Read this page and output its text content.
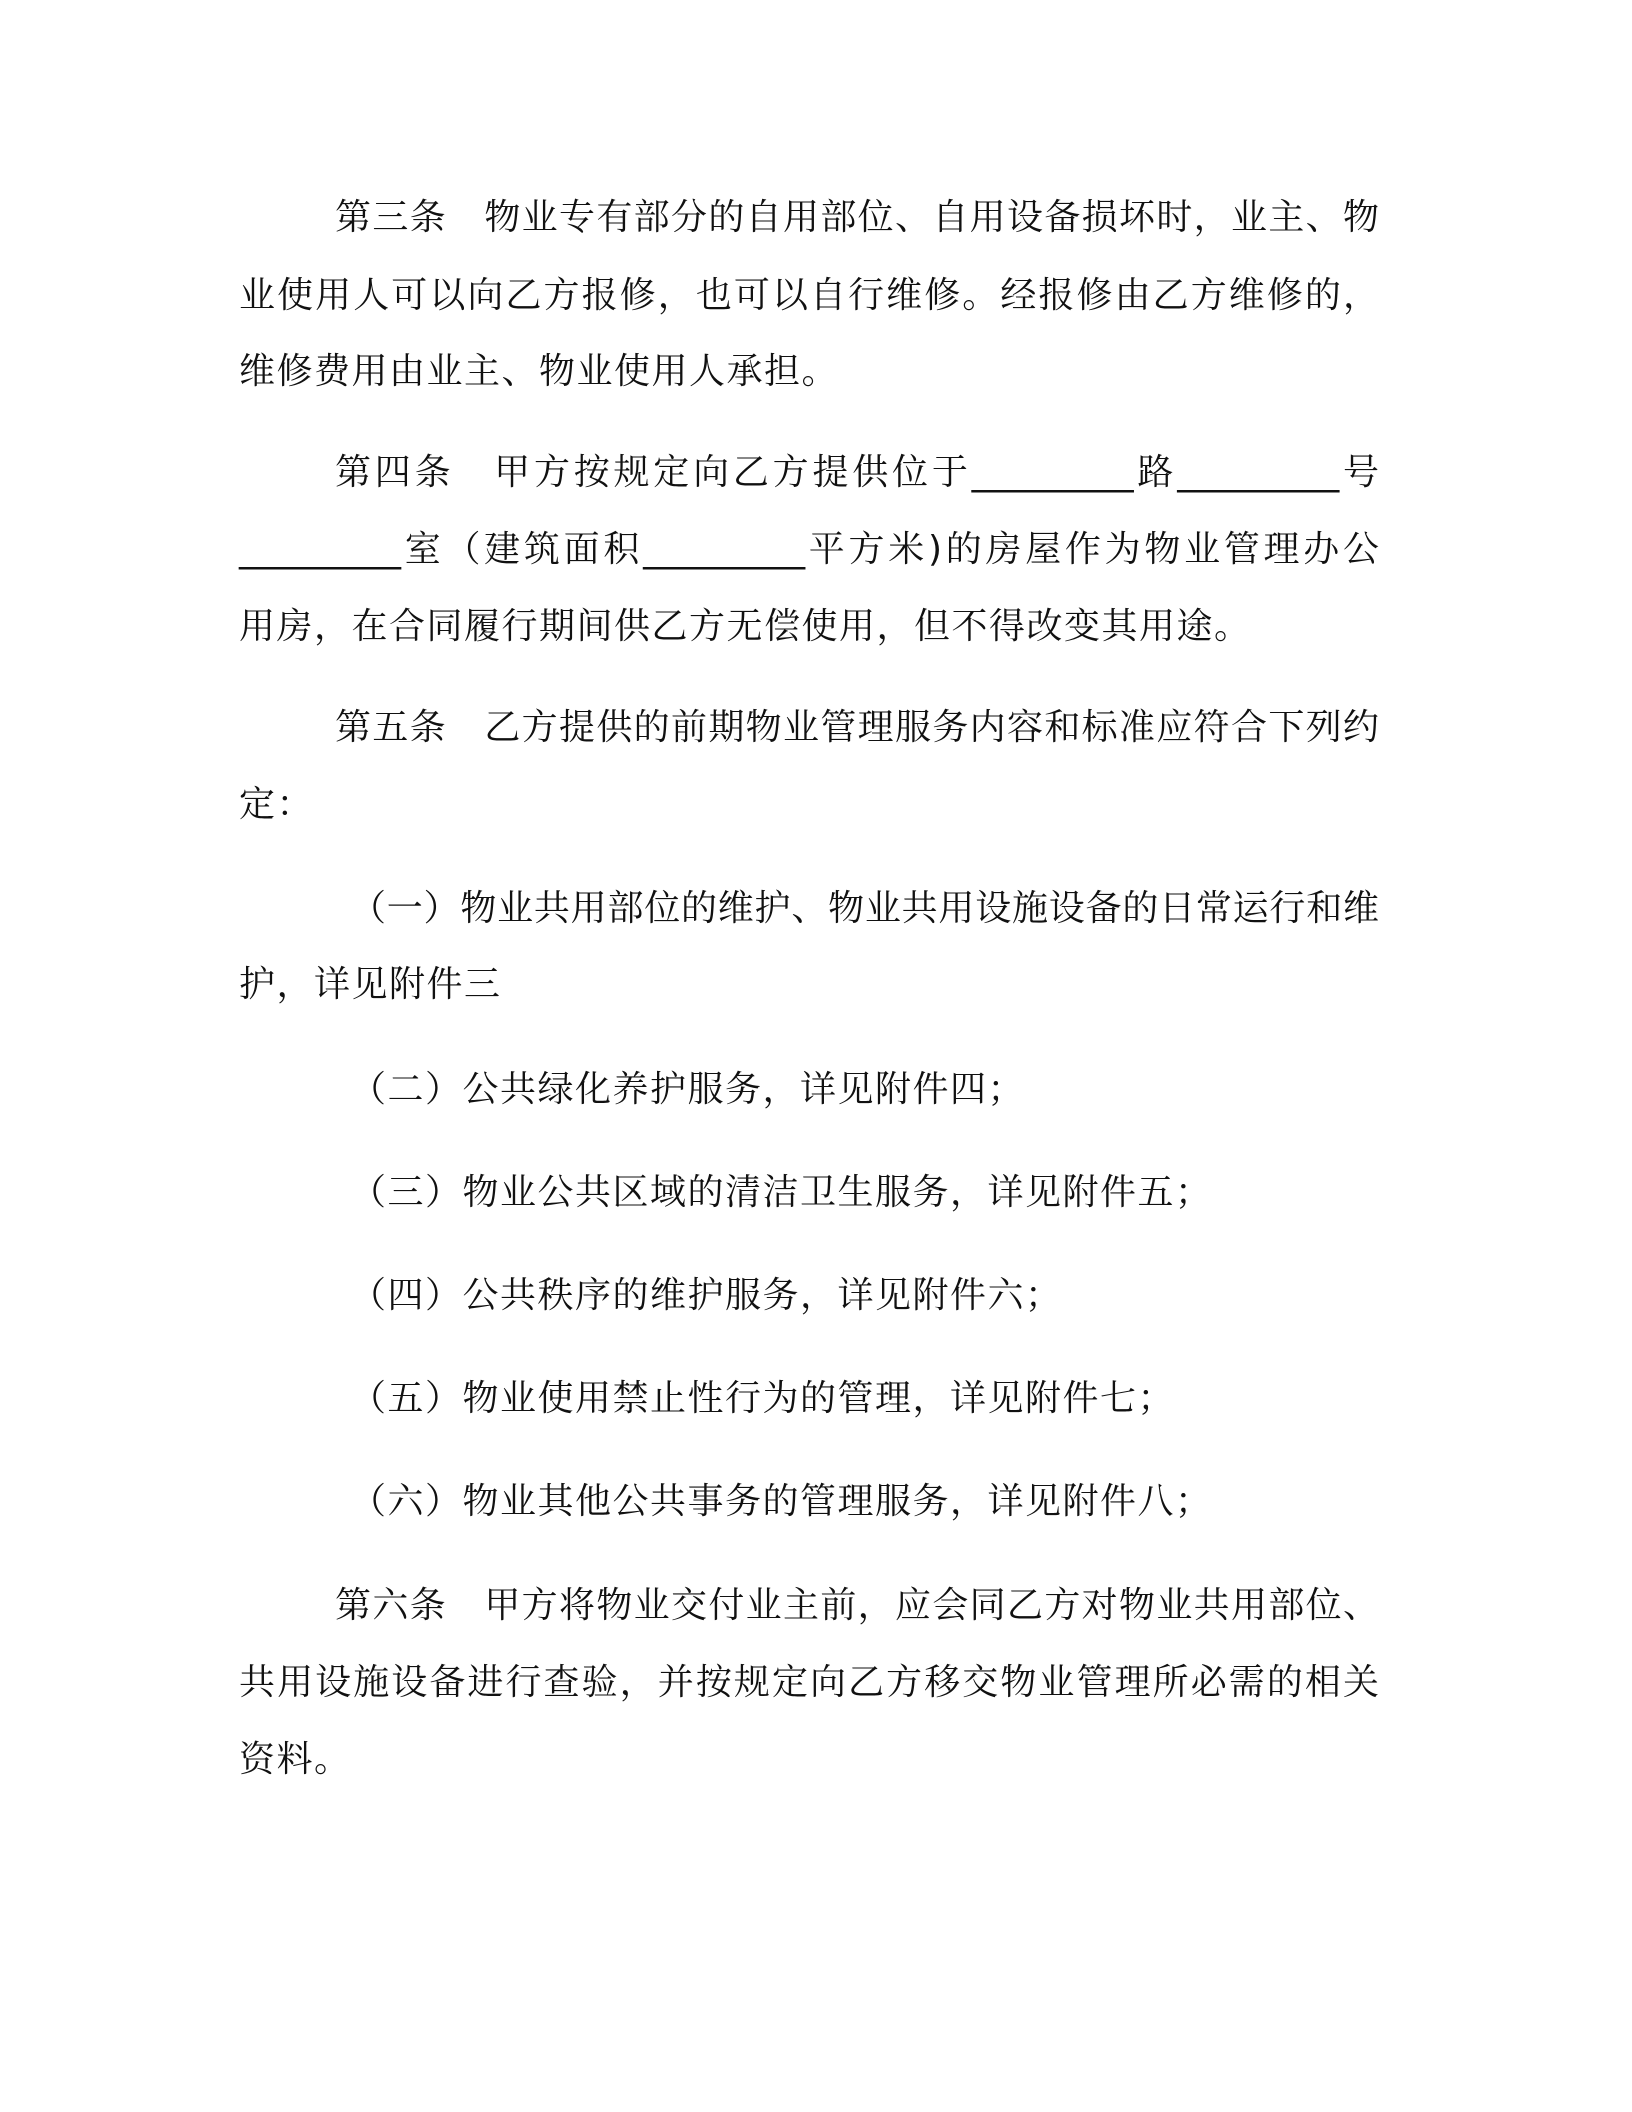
第三条　物业专有部分的自用部位、自用设备损坏时，业主、物
业使用人可以向乙方报修，也可以自行维修。经报修由乙方维修的，
维修费用由业主、物业使用人承担。
第四条　甲方按规定向乙方提供位于_________路_________号
_________室（建筑面积_________平方米)的房屋作为物业管理办公
用房，在合同履行期间供乙方无偿使用，但不得改变其用途。
第五条　乙方提供的前期物业管理服务内容和标准应符合下列约
定：
（一）物业共用部位的维护、物业共用设施设备的日常运行和维
护，详见附件三
（二）公共绿化养护服务，详见附件四；
（三）物业公共区域的清洁卫生服务，详见附件五；
（四）公共秩序的维护服务，详见附件六；
（五）物业使用禁止性行为的管理，详见附件七；
（六）物业其他公共事务的管理服务，详见附件八；
第六条　甲方将物业交付业主前，应会同乙方对物业共用部位、
共用设施设备进行查验，并按规定向乙方移交物业管理所必需的相关
资料。
